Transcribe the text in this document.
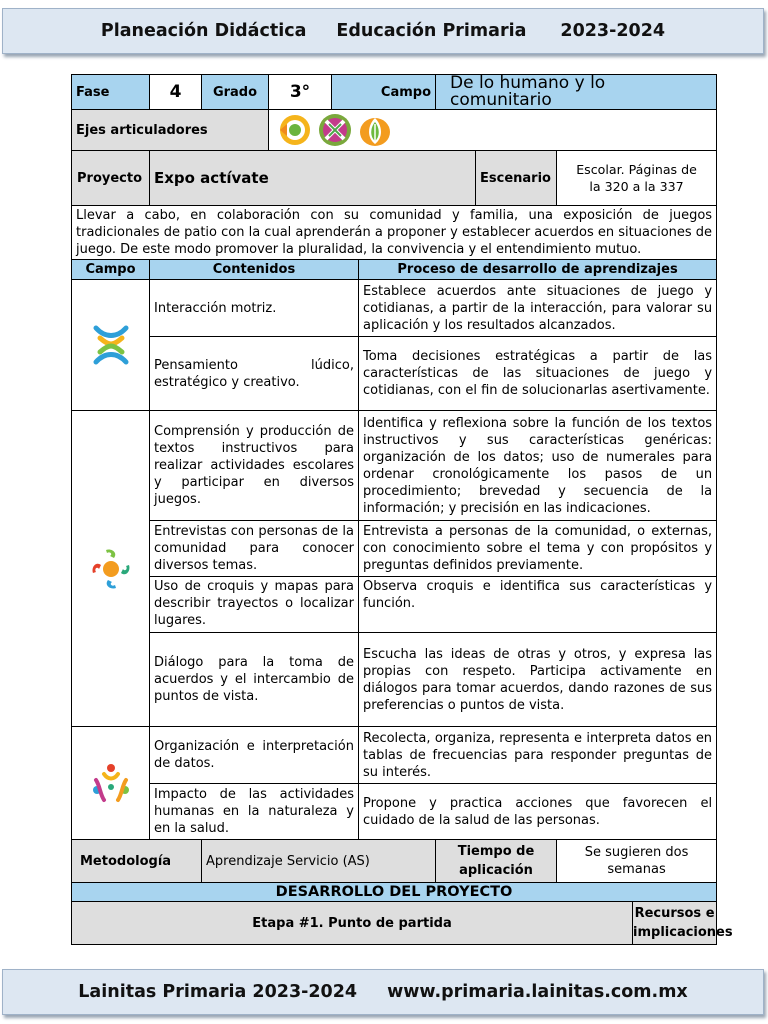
Planeación Didáctica Educación Primaria 2023-2024
Fase	4	Grado	3°	Campo		De lo humano y lo comunitario			
Ejes articuladores	

Proyecto	Expo actívate						Escenario	Escolar. Páginas de la 320 a la 337	
Llevar a cabo, en colaboración con su comunidad y familia, una exposición de juegos tradicionales de patio con la cual aprenderán a proponer y establecer acuerdos en situaciones de juego. De este modo promover la pluralidad, la convivencia y el entendimiento mutuo.									
Campo	Contenidos				Proceso de desarrollo de aprendizajes				

	Interacción motriz.				Establece acuerdos ante situaciones de juego y cotidianas, a partir de la interacción, para valorar su aplicación y los resultados alcanzados.				
	Pensamiento lúdico, estratégico y creativo.				Toma decisiones estratégicas a partir de las características de las situaciones de juego y cotidianas, con el fin de solucionarlas asertivamente.				

	Comprensión y producción de textos instructivos para realizar actividades escolares y participar en diversos juegos.				Identifica y reflexiona sobre la función de los textos instructivos y sus características genéricas: organización de los datos; uso de numerales para ordenar cronológicamente los pasos de un procedimiento; brevedad y secuencia de la información; y precisión en las indicaciones.				
	Entrevistas con personas de la comunidad para conocer diversos temas.				Entrevista a personas de la comunidad, o externas, con conocimiento sobre el tema y con propósitos y preguntas definidos previamente.				
	Uso de croquis y mapas para describir trayectos o localizar lugares.				Observa croquis e identifica sus características y función.				
	Diálogo para la toma de acuerdos y el intercambio de puntos de vista.				Escucha las ideas de otras y otros, y expresa las propias con respeto. Participa activamente en diálogos para tomar acuerdos, dando razones de sus preferencias o puntos de vista.				

	Organización e interpretación de datos.				Recolecta, organiza, representa e interpreta datos en tablas de frecuencias para responder preguntas de su interés.				
	Impacto de las actividades humanas en la naturaleza y en la salud.				Propone y practica acciones que favorecen el cuidado de la salud de las personas.				
Metodología		Aprendizaje Servicio (AS)				Tiempo de aplicación		Se sugieren dos semanas	
DESARROLLO DEL PROYECTO									
Etapa #1. Punto de partida									Recursos e implicaciones
Lainitas Primaria 2023-2024 www.primaria.lainitas.com.mx
